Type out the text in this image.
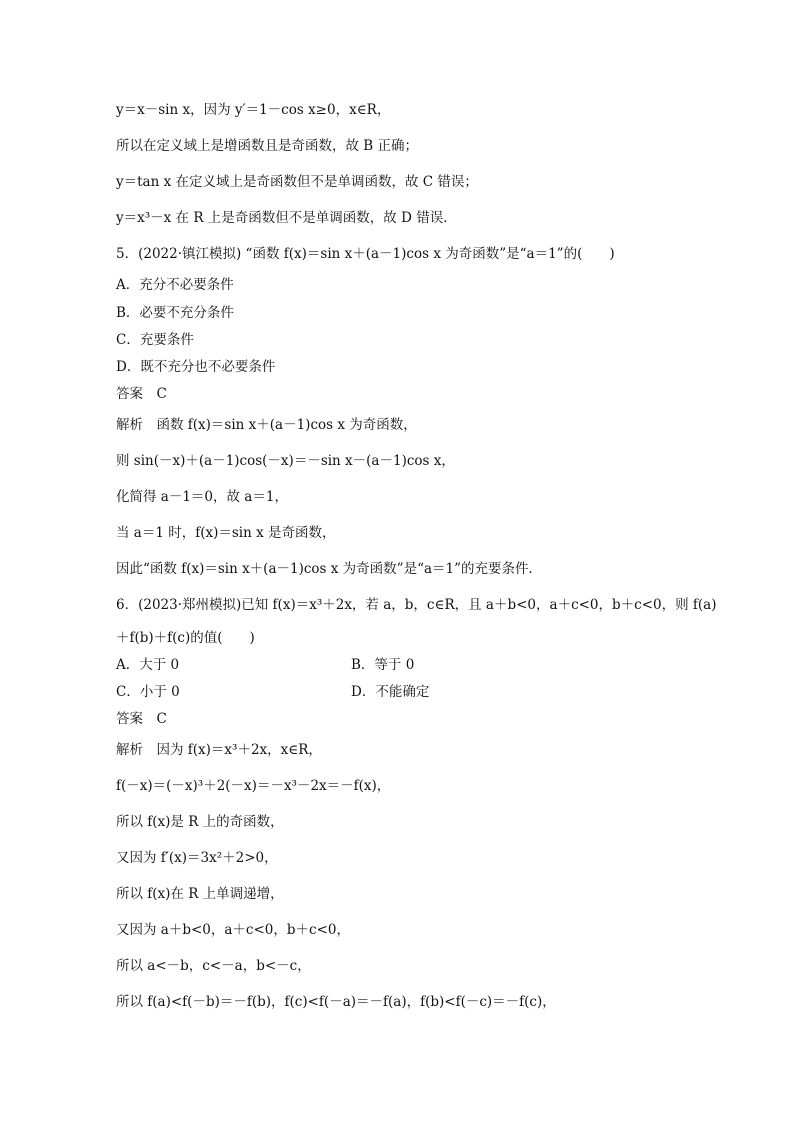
y＝x－sin x，因为 y′＝1－cos x≥0，x∈R，
所以在定义域上是增函数且是奇函数，故 B 正确；
y＝tan x 在定义域上是奇函数但不是单调函数，故 C 错误；
y＝x³－x 在 R 上是奇函数但不是单调函数，故 D 错误．
5．(2022·镇江模拟) “函数 f(x)＝sin x＋(a－1)cos x 为奇函数”是“a＝1”的(　　)
A．充分不必要条件
B．必要不充分条件
C．充要条件
D．既不充分也不必要条件
答案　C
解析　函数 f(x)＝sin x＋(a－1)cos x 为奇函数，
则 sin(－x)＋(a－1)cos(－x)＝－sin x－(a－1)cos x，
化简得 a－1＝0，故 a＝1，
当 a＝1 时，f(x)＝sin x 是奇函数，
因此“函数 f(x)＝sin x＋(a－1)cos x 为奇函数”是“a＝1”的充要条件．
6．(2023·郑州模拟)已知 f(x)＝x³＋2x，若 a，b，c∈R，且 a＋b<0，a＋c<0，b＋c<0，则 f(a)
＋f(b)＋f(c)的值(　　)
A．大于 0	B．等于 0
C．小于 0	D．不能确定
答案　C
解析　因为 f(x)＝x³＋2x，x∈R，
f(－x)＝(－x)³＋2(－x)＝－x³－2x＝－f(x)，
所以 f(x)是 R 上的奇函数，
又因为 f′(x)＝3x²＋2>0，
所以 f(x)在 R 上单调递增，
又因为 a＋b<0，a＋c<0，b＋c<0，
所以 a<－b，c<－a，b<－c，
所以 f(a)<f(－b)＝－f(b)，f(c)<f(－a)＝－f(a)，f(b)<f(－c)＝－f(c)，
